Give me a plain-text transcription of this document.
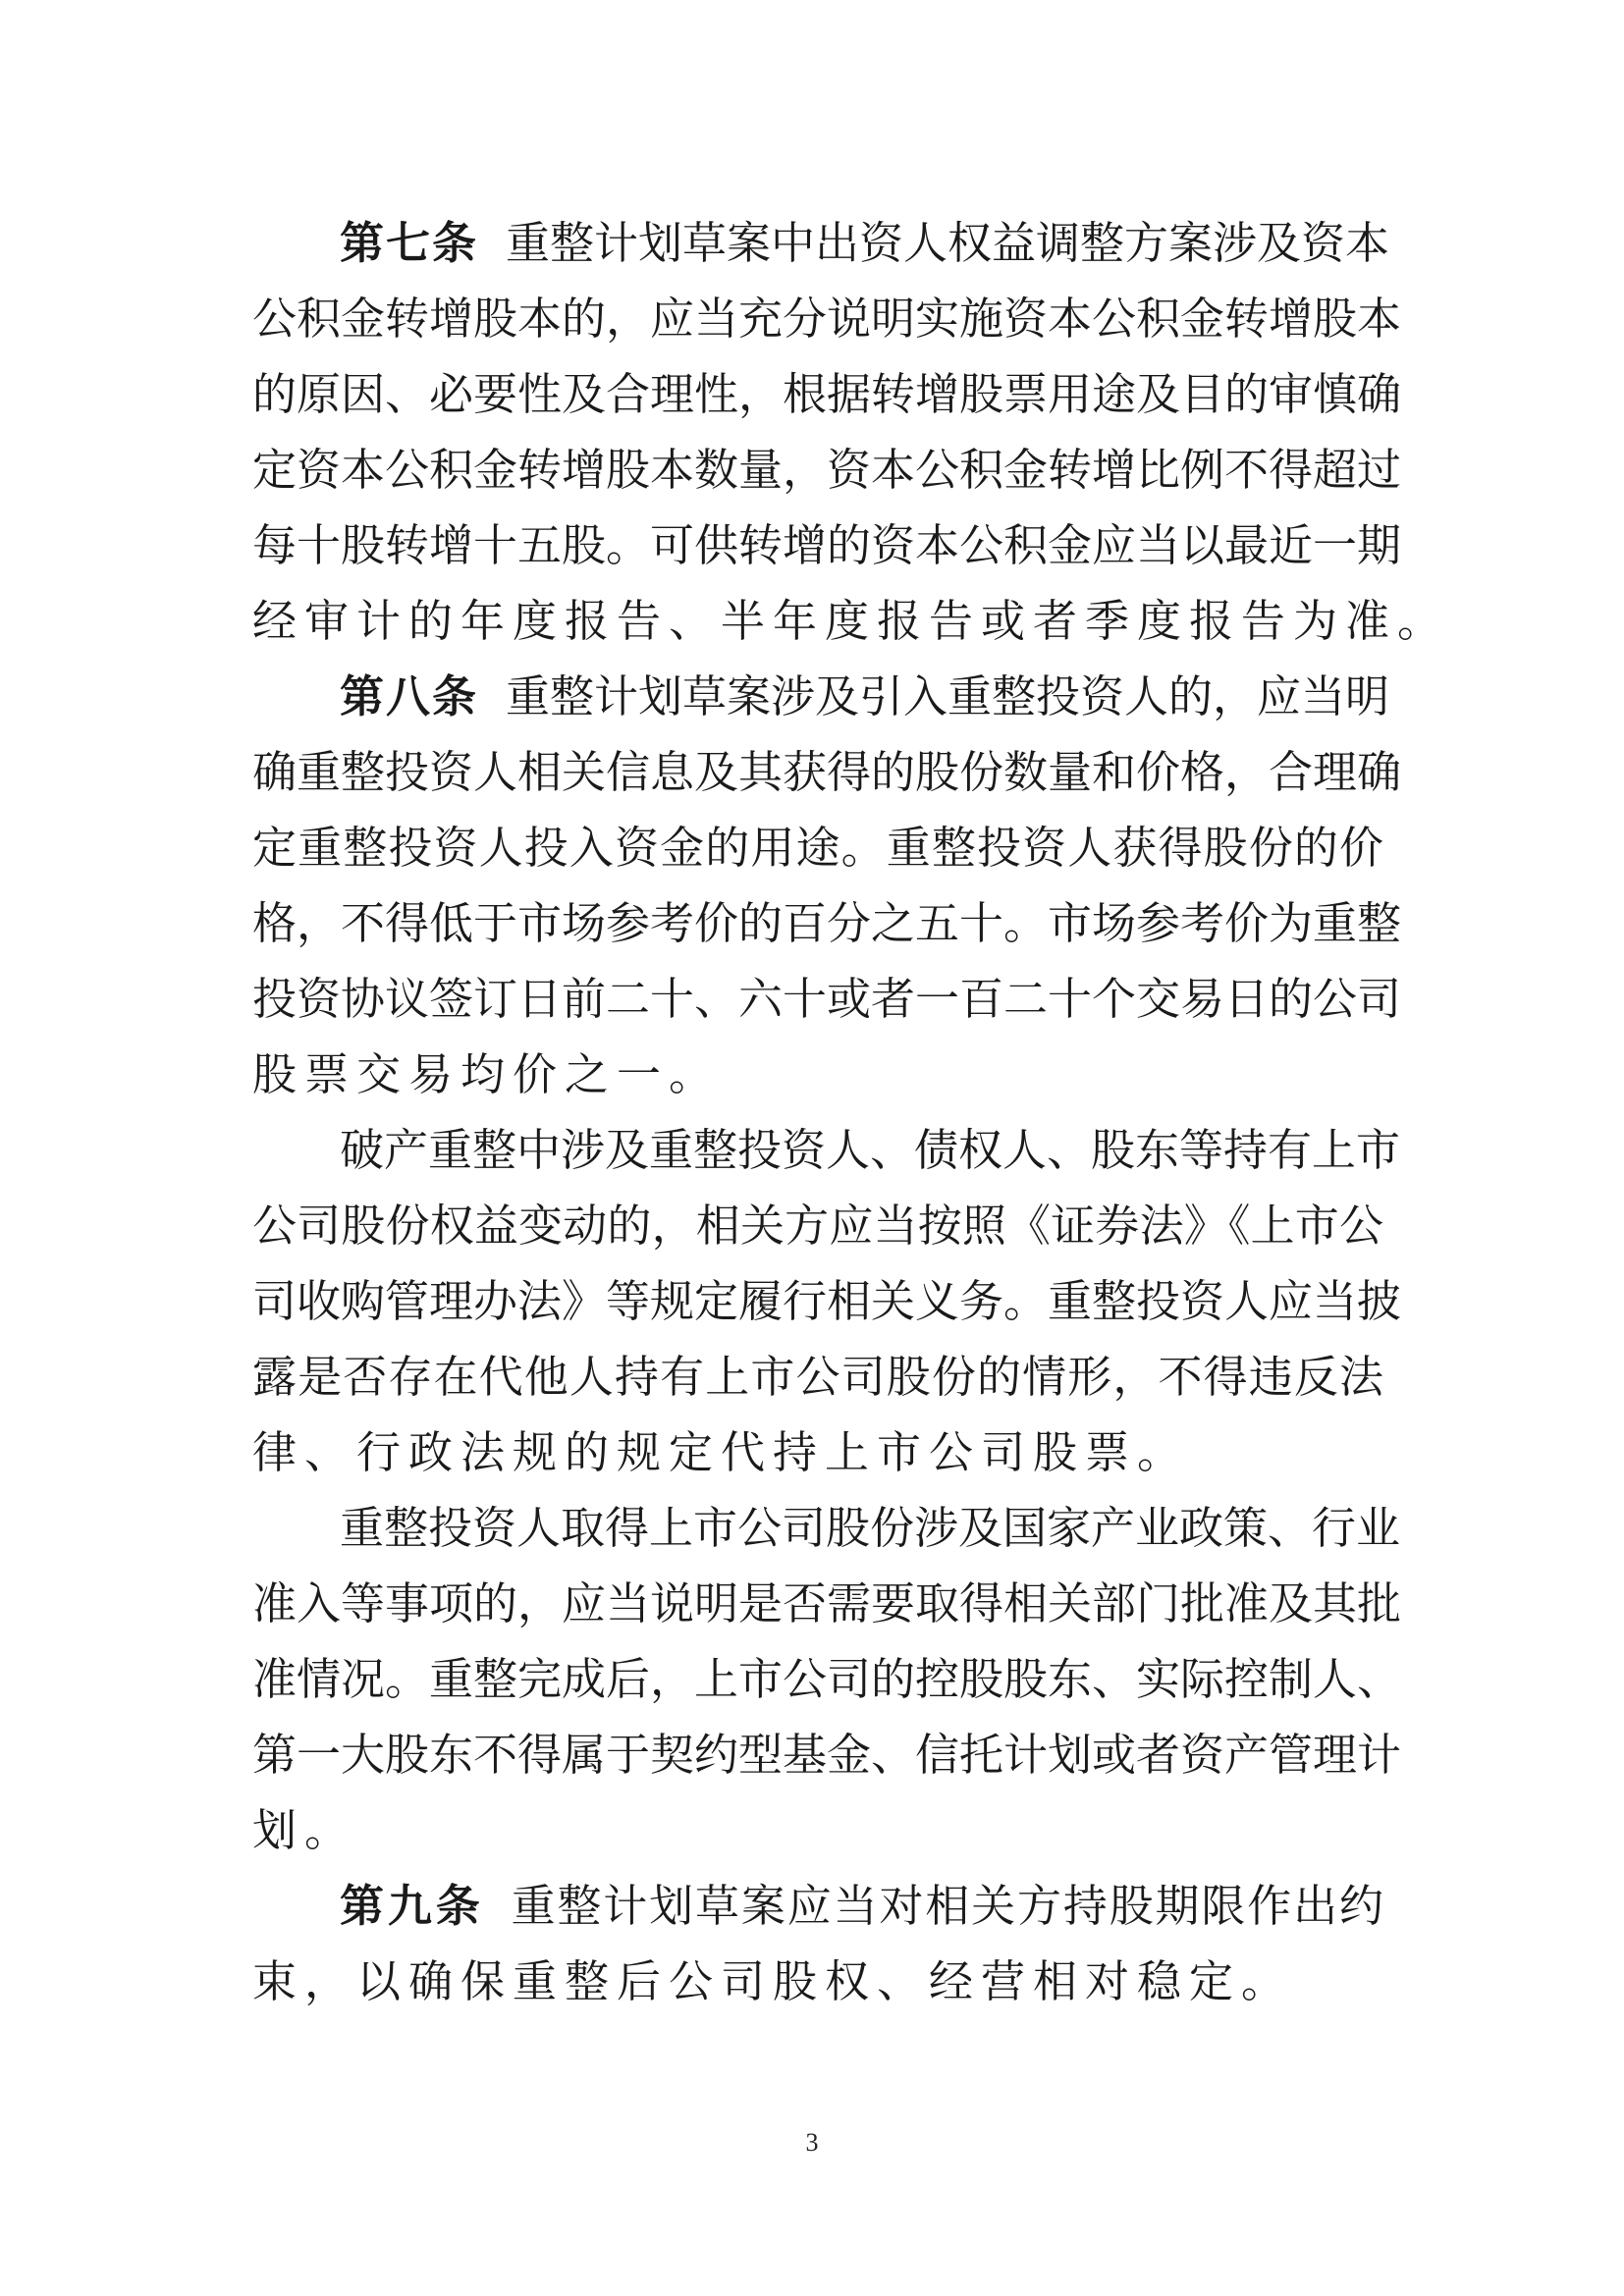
第七条 重整计划草案中出资人权益调整方案涉及资本
公积金转增股本的，应当充分说明实施资本公积金转增股本
的原因、必要性及合理性，根据转增股票用途及目的审慎确
定资本公积金转增股本数量，资本公积金转增比例不得超过
每十股转增十五股。可供转增的资本公积金应当以最近一期
经审计的年度报告、半年度报告或者季度报告为准。
第八条 重整计划草案涉及引入重整投资人的，应当明
确重整投资人相关信息及其获得的股份数量和价格，合理确
定重整投资人投入资金的用途。重整投资人获得股份的价
格，不得低于市场参考价的百分之五十。市场参考价为重整
投资协议签订日前二十、六十或者一百二十个交易日的公司
股票交易均价之一。
破产重整中涉及重整投资人、债权人、股东等持有上市
公司股份权益变动的，相关方应当按照《证券法》《上市公
司收购管理办法》等规定履行相关义务。重整投资人应当披
露是否存在代他人持有上市公司股份的情形，不得违反法
律、行政法规的规定代持上市公司股票。
重整投资人取得上市公司股份涉及国家产业政策、行业
准入等事项的，应当说明是否需要取得相关部门批准及其批
准情况。重整完成后，上市公司的控股股东、实际控制人、
第一大股东不得属于契约型基金、信托计划或者资产管理计
划。
第九条 重整计划草案应当对相关方持股期限作出约
束，以确保重整后公司股权、经营相对稳定。
3
